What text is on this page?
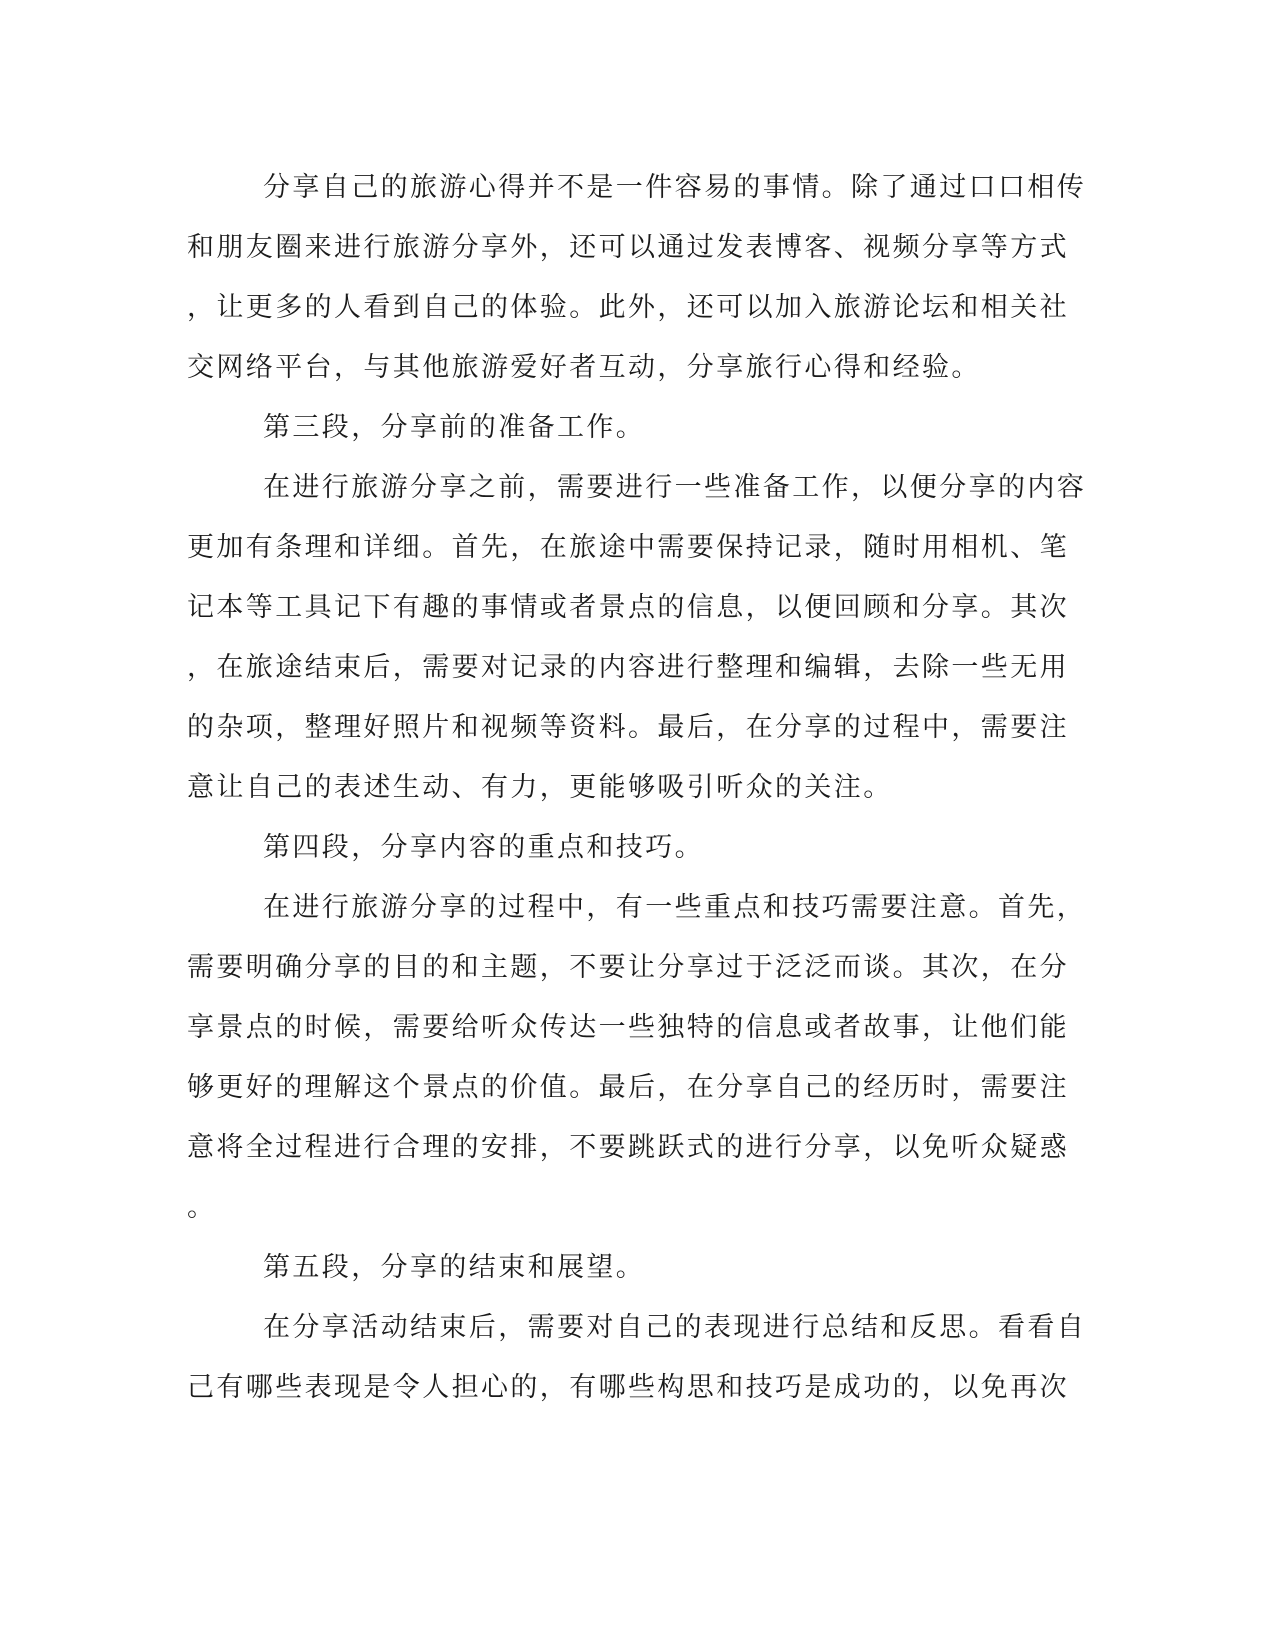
分享自己的旅游心得并不是一件容易的事情。除了通过口口相传
和朋友圈来进行旅游分享外，还可以通过发表博客、视频分享等方式
，让更多的人看到自己的体验。此外，还可以加入旅游论坛和相关社
交网络平台，与其他旅游爱好者互动，分享旅行心得和经验。
第三段，分享前的准备工作。
在进行旅游分享之前，需要进行一些准备工作，以便分享的内容
更加有条理和详细。首先，在旅途中需要保持记录，随时用相机、笔
记本等工具记下有趣的事情或者景点的信息，以便回顾和分享。其次
，在旅途结束后，需要对记录的内容进行整理和编辑，去除一些无用
的杂项，整理好照片和视频等资料。最后，在分享的过程中，需要注
意让自己的表述生动、有力，更能够吸引听众的关注。
第四段，分享内容的重点和技巧。
在进行旅游分享的过程中，有一些重点和技巧需要注意。首先，
需要明确分享的目的和主题，不要让分享过于泛泛而谈。其次，在分
享景点的时候，需要给听众传达一些独特的信息或者故事，让他们能
够更好的理解这个景点的价值。最后，在分享自己的经历时，需要注
意将全过程进行合理的安排，不要跳跃式的进行分享，以免听众疑惑
。
第五段，分享的结束和展望。
在分享活动结束后，需要对自己的表现进行总结和反思。看看自
己有哪些表现是令人担心的，有哪些构思和技巧是成功的，以免再次
